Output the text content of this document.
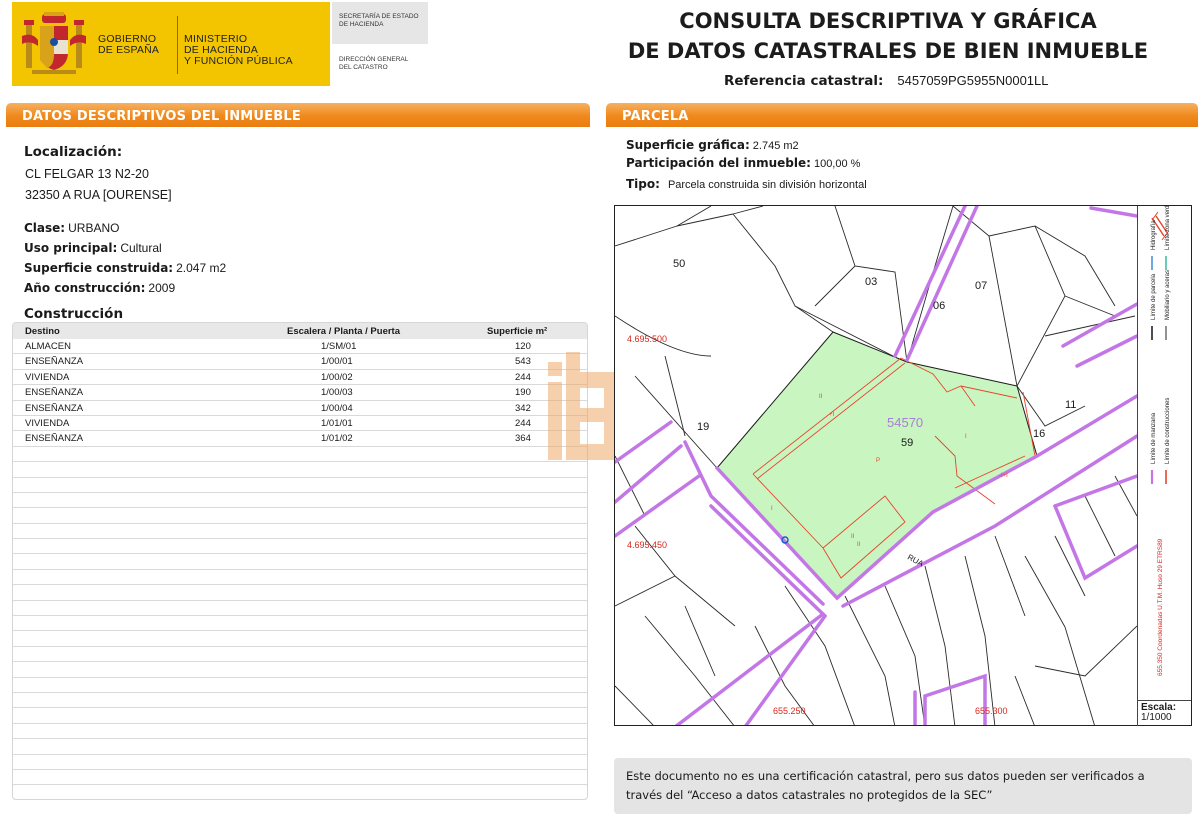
GOBIERNO
DE ESPAÑA
MINISTERIO
DE HACIENDA
Y FUNCIÓN PÚBLICA
SECRETARÍA DE ESTADO
DE HACIENDA
DIRECCIÓN GENERAL
DEL CATASTRO
CONSULTA DESCRIPTIVA Y GRÁFICA
DE DATOS CATASTRALES DE BIEN INMUEBLE
Referencia catastral: 5457059PG5955N0001LL
DATOS DESCRIPTIVOS DEL INMUEBLE
Localización:
CL FELGAR 13 N2-20
32350 A RUA [OURENSE]
Clase: URBANO
Uso principal: Cultural
Superficie construida: 2.047 m2
Año construcción: 2009
Construcción
Destino	Escalera / Planta / Puerta	Superficie m²
ALMACEN	1/SM/01	120
ENSEÑANZA	1/00/01	543
VIVIENDA	1/00/02	244
ENSEÑANZA	1/00/03	190
ENSEÑANZA	1/00/04	342
VIVIENDA	1/01/01	244
ENSEÑANZA	1/01/02	364
PARCELA
Superficie gráfica: 2.745 m2
Participación del inmueble: 100,00 %
Tipo: Parcela construida sin división horizontal
50
03	07
06
19
59
11
16
54570
RUA
P
II
II
I
I
-I+I
+I
II
4.695.500
4.695.450
655.250	655.300
Hidrografía Límite zona verde
Límite de parcela Mobiliario y aceras
Límite de manzana Límite de construcciones
655.350 Coordenadas U.T.M. Huso 29 ETRS89
Escala:
1/1000
Este documento no es una certificación catastral, pero sus datos pueden ser verificados a
través del “Acceso a datos catastrales no protegidos de la SEC”
